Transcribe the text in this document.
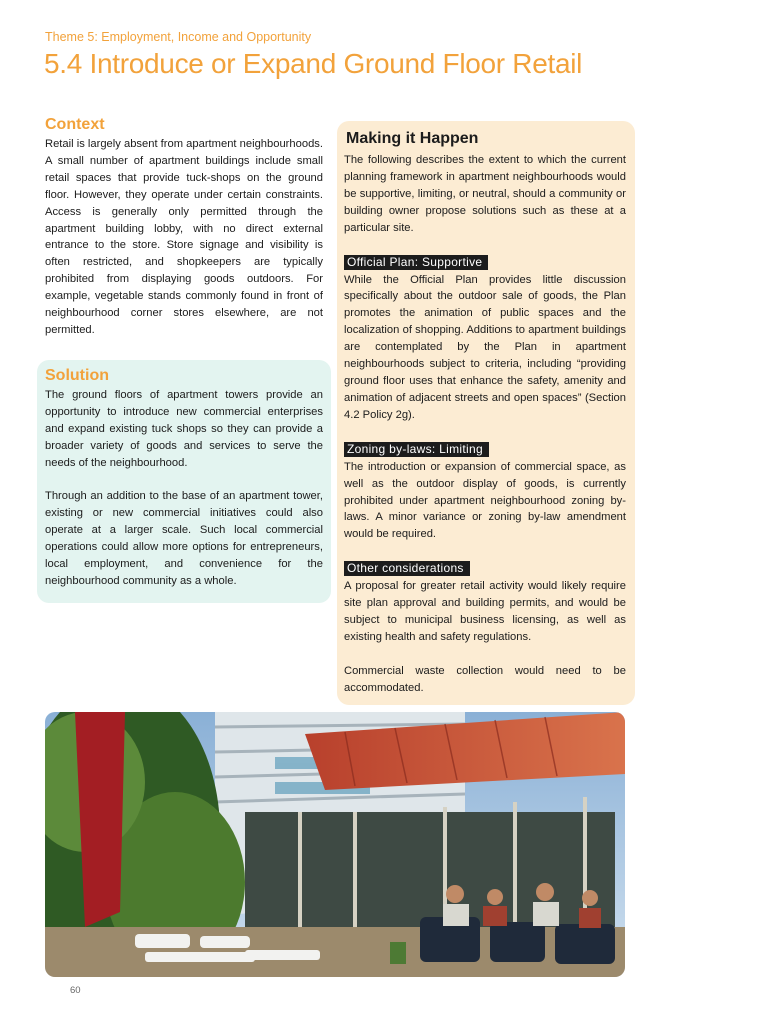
Theme 5: Employment, Income and Opportunity
5.4 Introduce or Expand Ground Floor Retail
Context

Retail is largely absent from apartment neighbourhoods. A small number of apartment buildings include small retail spaces that provide tuck-shops on the ground floor. However, they operate under certain constraints. Access is generally only permitted through the apartment building lobby, with no direct external entrance to the store. Store signage and visibility is often restricted, and shopkeepers are typically prohibited from displaying goods outdoors. For example, vegetable stands commonly found in front of neighbourhood corner stores elsewhere, are not permitted.

Solution

The ground floors of apartment towers provide an opportunity to introduce new commercial enterprises and expand existing tuck shops so they can provide a broader variety of goods and services to serve the needs of the neighbourhood.

Through an addition to the base of an apartment tower, existing or new commercial initiatives could also operate at a larger scale. Such local commercial operations could allow more options for entrepreneurs, local employment, and convenience for the neighbourhood community as a whole.

Making it Happen

The following describes the extent to which the current planning framework in apartment neighbourhoods would be supportive, limiting, or neutral, should a community or building owner propose solutions such as these at a particular site.

Official Plan: Supportive

While the Official Plan provides little discussion specifically about the outdoor sale of goods, the Plan promotes the animation of public spaces and the localization of shopping. Additions to apartment buildings are contemplated by the Plan in apartment neighbourhoods subject to criteria, including “providing ground floor uses that enhance the safety, amenity and animation of adjacent streets and open spaces” (Section 4.2 Policy 2g).

Zoning by-laws: Limiting

The introduction or expansion of commercial space, as well as the outdoor display of goods, is currently prohibited under apartment neighbourhood zoning by-laws. A minor variance or zoning by-law amendment would be required.

Other considerations

A proposal for greater retail activity would likely require site plan approval and building permits, and would be subject to municipal business licensing, as well as existing health and safety regulations.

Commercial waste collection would need to be accommodated.

60
